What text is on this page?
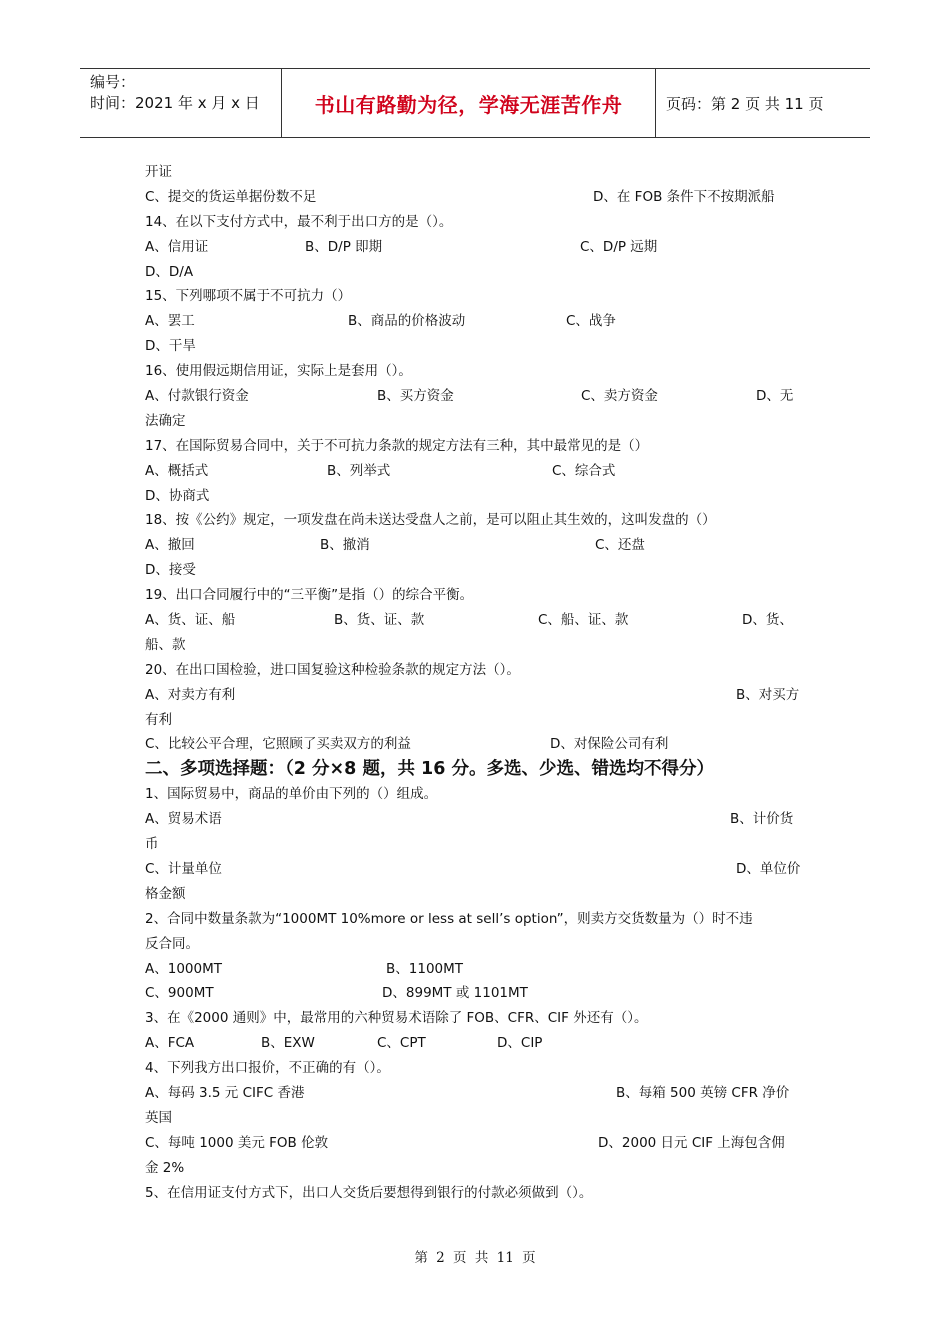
编号：
时间：2021 年 x 月 x 日	书山有路勤为径，学海无涯苦作舟	页码：第 2 页 共 11 页
开证
C、提交的货运单据份数不足	D、在 FOB 条件下不按期派船
14、在以下支付方式中，最不利于出口方的是（）。
A、信用证	B、D/P 即期	C、D/P 远期
D、D/A
15、下列哪项不属于不可抗力（）
A、罢工	B、商品的价格波动	C、战争
D、干旱
16、使用假远期信用证，实际上是套用（）。
A、付款银行资金	B、买方资金	C、卖方资金	D、无
法确定
17、在国际贸易合同中，关于不可抗力条款的规定方法有三种，其中最常见的是（）
A、概括式	B、列举式	C、综合式
D、协商式
18、按《公约》规定，一项发盘在尚未送达受盘人之前，是可以阻止其生效的，这叫发盘的（）
A、撤回	B、撤消	C、还盘
D、接受
19、出口合同履行中的“三平衡”是指（）的综合平衡。
A、货、证、船	B、货、证、款	C、船、证、款	D、货、
船、款
20、在出口国检验，进口国复验这种检验条款的规定方法（）。
A、对卖方有利	B、对买方
有利
C、比较公平合理，它照顾了买卖双方的利益	D、对保险公司有利
二、多项选择题：（2 分×8 题，共 16 分。多选、少选、错选均不得分）
1、国际贸易中，商品的单价由下列的（）组成。
A、贸易术语	B、计价货
币
C、计量单位	D、单位价
格金额
2、合同中数量条款为“1000MT 10%more or less at sell’s option”，则卖方交货数量为（）时不违
反合同。
A、1000MT	B、1100MT
C、900MT	D、899MT 或 1101MT
3、在《2000 通则》中，最常用的六种贸易术语除了 FOB、CFR、CIF 外还有（）。
A、FCA	B、EXW	C、CPT	D、CIP
4、下列我方出口报价，不正确的有（）。
A、每码 3.5 元 CIFC 香港	B、每箱 500 英镑 CFR 净价
英国
C、每吨 1000 美元 FOB 伦敦	D、2000 日元 CIF 上海包含佣
金 2%
5、在信用证支付方式下，出口人交货后要想得到银行的付款必须做到（）。
第 2 页 共 11 页
